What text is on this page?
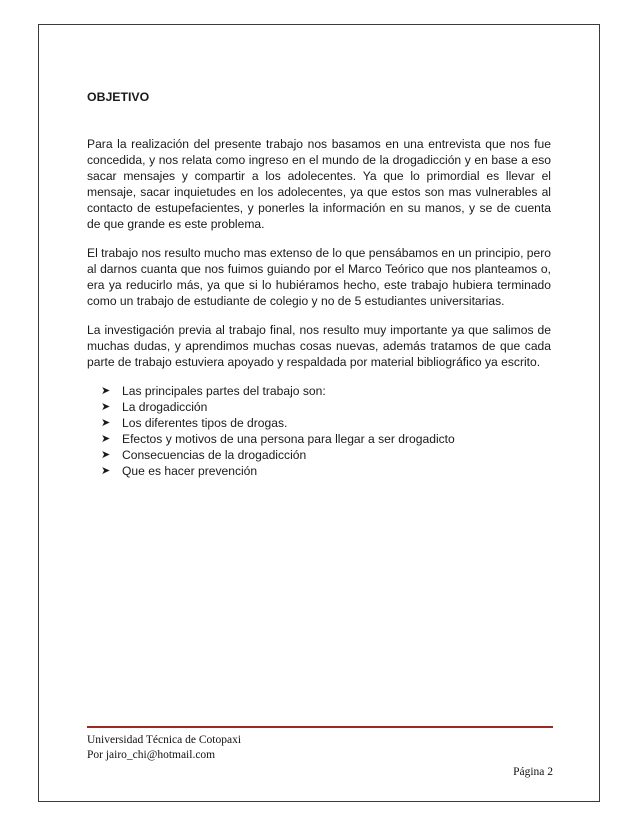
OBJETIVO

Para la realización del presente trabajo nos basamos en una entrevista que nos fue concedida, y nos relata como ingreso en el mundo de la drogadicción y en base a eso sacar mensajes y compartir a los adolecentes. Ya que lo primordial es llevar el mensaje, sacar inquietudes en los adolecentes, ya que estos son mas vulnerables al contacto de estupefacientes, y ponerles la información en su manos, y se de cuenta de que grande es este problema.

El trabajo nos resulto mucho mas extenso de lo que pensábamos en un principio, pero al darnos cuanta que nos fuimos guiando por el Marco Teórico que nos planteamos o, era ya reducirlo más, ya que si lo hubiéramos hecho, este trabajo hubiera terminado como un trabajo de estudiante de colegio y no de 5 estudiantes universitarias.

La investigación previa al trabajo final, nos resulto muy importante ya que salimos de muchas dudas, y aprendimos muchas cosas nuevas, además tratamos de que cada parte de trabajo estuviera apoyado y respaldada por material bibliográfico ya escrito.

➤ Las principales partes del trabajo son:
➤ La drogadicción
➤ Los diferentes tipos de drogas.
➤ Efectos y motivos de una persona para llegar a ser drogadicto
➤ Consecuencias de la drogadicción
➤ Que es hacer prevención
Universidad Técnica de Cotopaxi
Por jairo_chi@hotmail.com
Página 2
